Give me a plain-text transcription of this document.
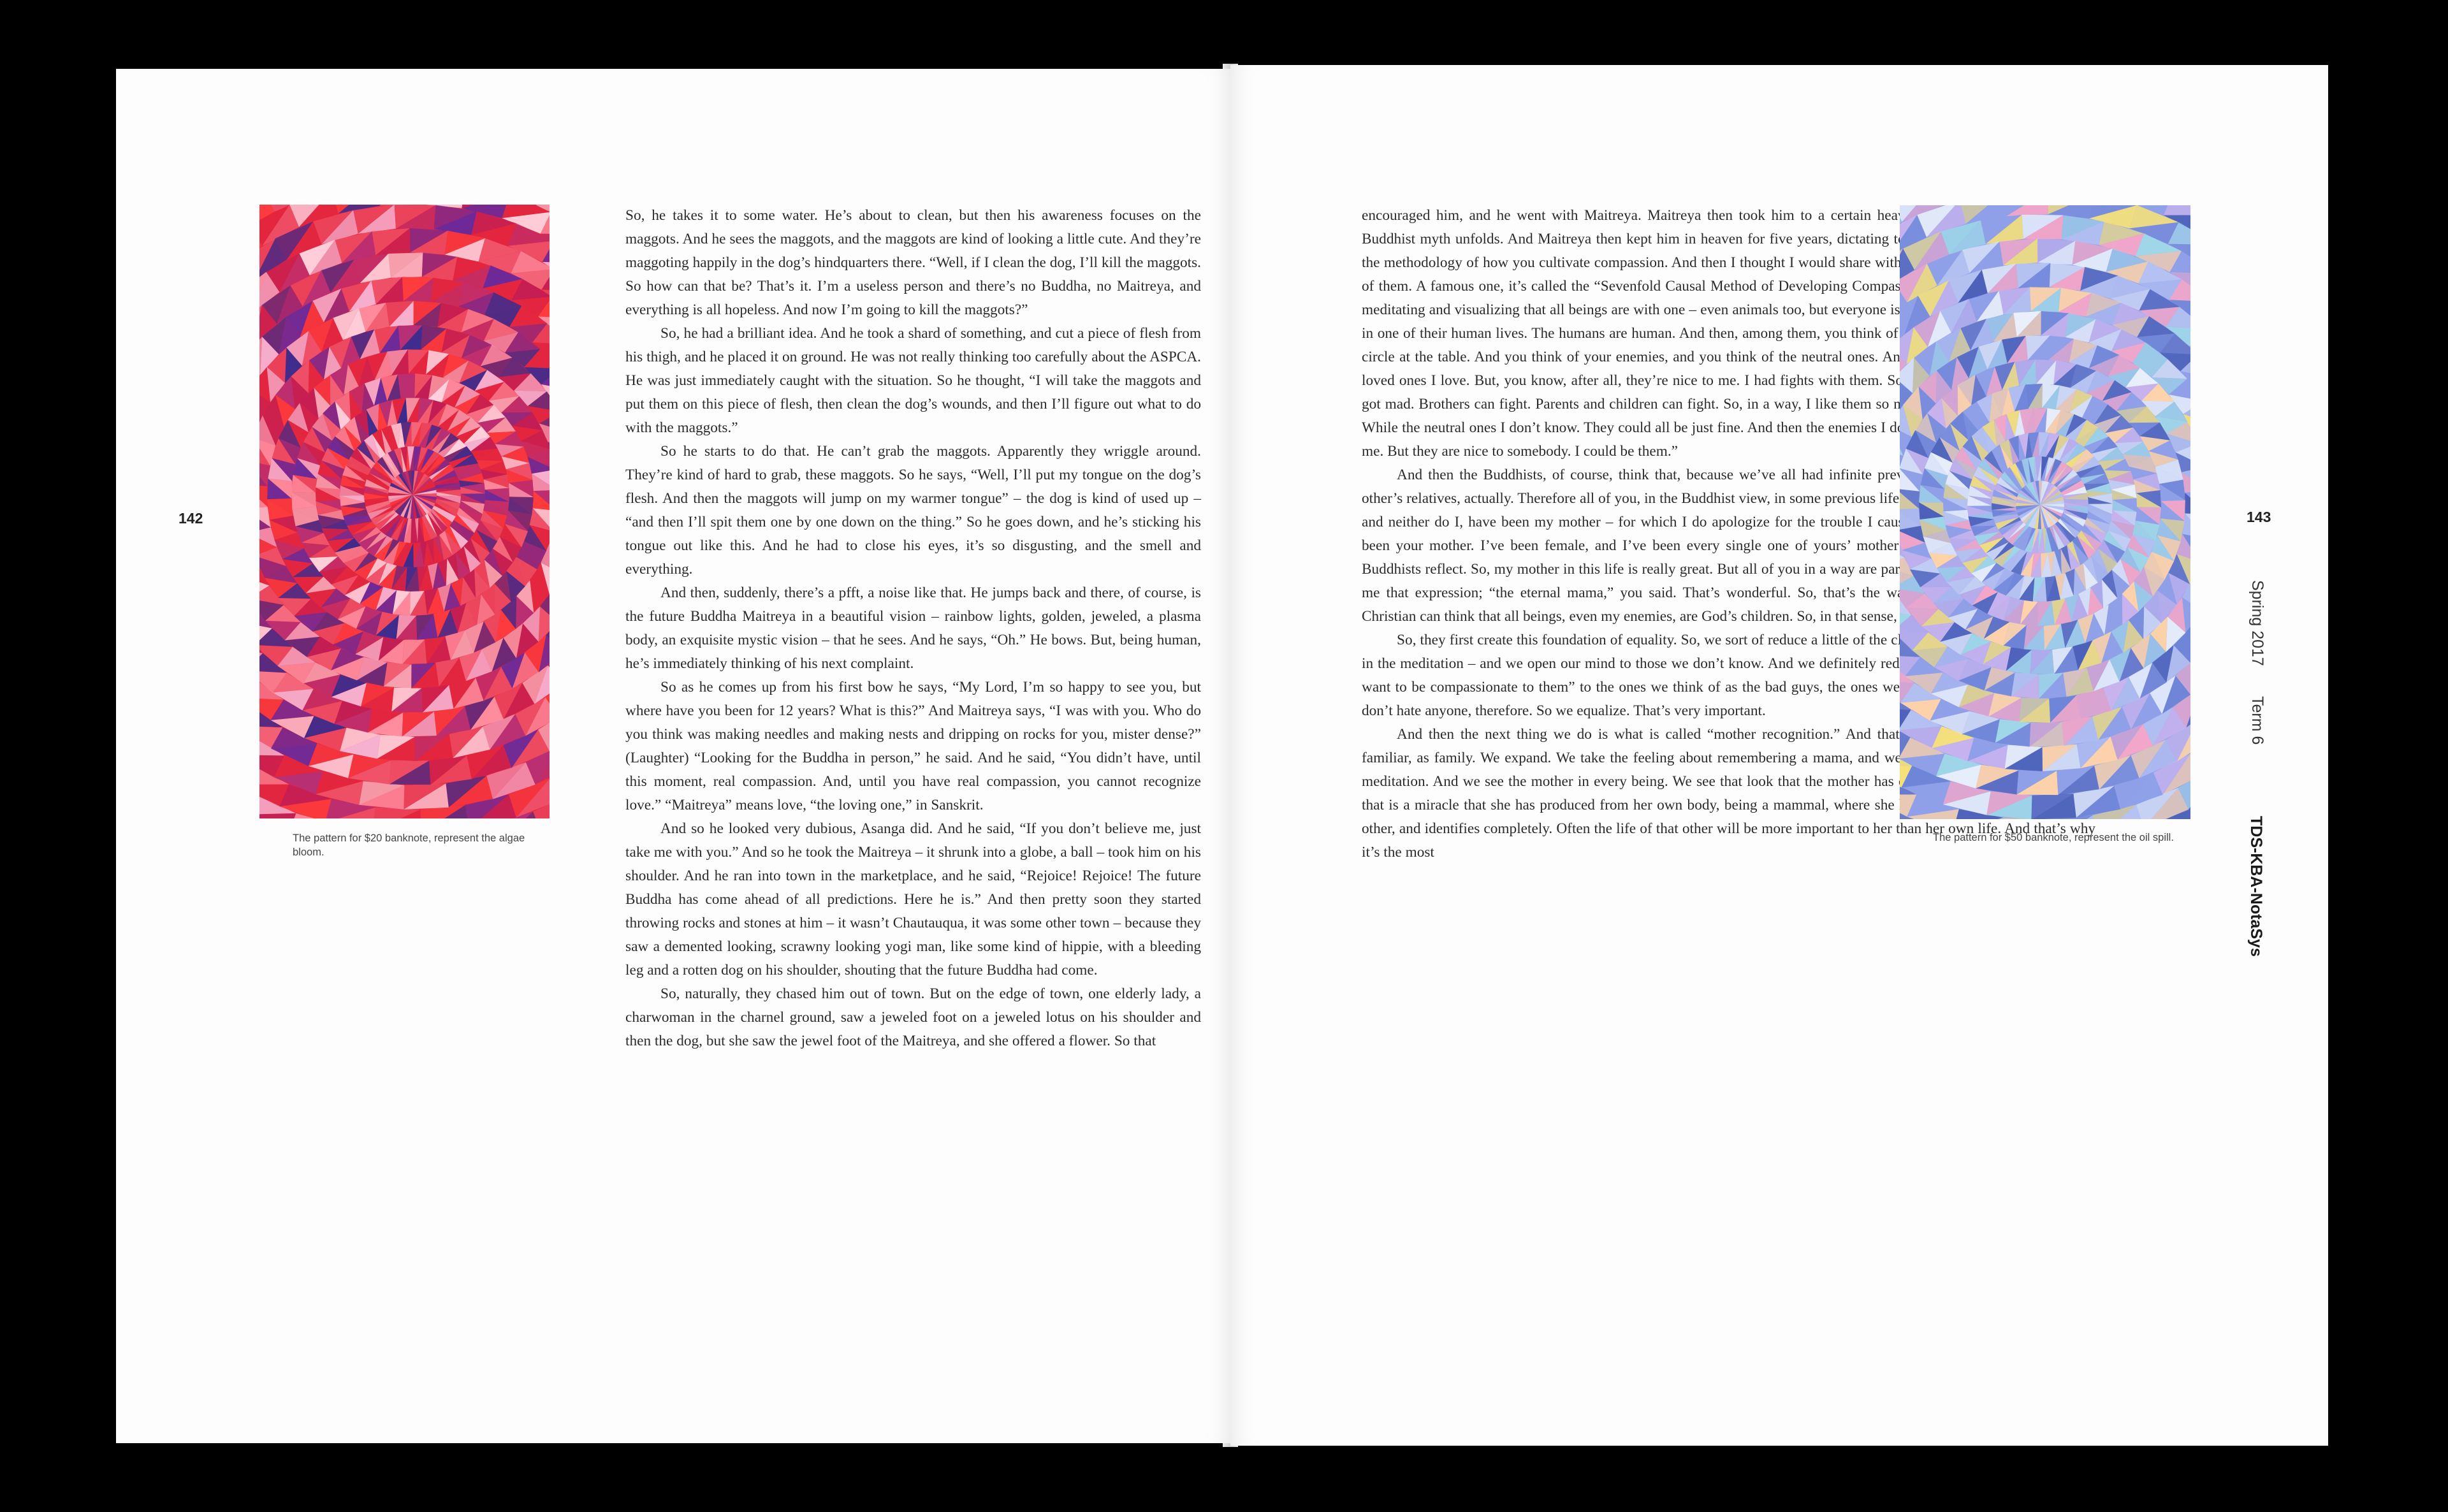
142
The pattern for $20 banknote, represent the algae bloom.

So, he takes it to some water. He’s about to clean, but then his awareness focuses on the maggots. And he sees the maggots, and the maggots are kind of looking a little cute. And they’re maggoting happily in the dog’s hindquarters there. “Well, if I clean the dog, I’ll kill the maggots. So how can that be? That’s it. I’m a useless person and there’s no Buddha, no Maitreya, and everything is all hopeless. And now I’m going to kill the maggots?”

So, he had a brilliant idea. And he took a shard of something, and cut a piece of flesh from his thigh, and he placed it on ground. He was not really thinking too carefully about the ASPCA. He was just immediately caught with the situation. So he thought, “I will take the maggots and put them on this piece of flesh, then clean the dog’s wounds, and then I’ll figure out what to do with the maggots.”

So he starts to do that. He can’t grab the maggots. Apparently they wriggle around. They’re kind of hard to grab, these maggots. So he says, “Well, I’ll put my tongue on the dog’s flesh. And then the maggots will jump on my warmer tongue” – the dog is kind of used up – “and then I’ll spit them one by one down on the thing.” So he goes down, and he’s sticking his tongue out like this. And he had to close his eyes, it’s so disgusting, and the smell and everything.

And then, suddenly, there’s a pfft, a noise like that. He jumps back and there, of course, is the future Buddha Maitreya in a beautiful vision – rainbow lights, golden, jeweled, a plasma body, an exquisite mystic vision – that he sees. And he says, “Oh.” He bows. But, being human, he’s immediately thinking of his next complaint.

So as he comes up from his first bow he says, “My Lord, I’m so happy to see you, but where have you been for 12 years? What is this?” And Maitreya says, “I was with you. Who do you think was making needles and making nests and dripping on rocks for you, mister dense?” (Laughter) “Looking for the Buddha in person,” he said. And he said, “You didn’t have, until this moment, real compassion. And, until you have real compassion, you cannot recognize love.” “Maitreya” means love, “the loving one,” in Sanskrit.

And so he looked very dubious, Asanga did. And he said, “If you don’t believe me, just take me with you.” And so he took the Maitreya – it shrunk into a globe, a ball – took him on his shoulder. And he ran into town in the marketplace, and he said, “Rejoice! Rejoice! The future Buddha has come ahead of all predictions. Here he is.” And then pretty soon they started throwing rocks and stones at him – it wasn’t Chautauqua, it was some other town – because they saw a demented looking, scrawny looking yogi man, like some kind of hippie, with a bleeding leg and a rotten dog on his shoulder, shouting that the future Buddha had come.

So, naturally, they chased him out of town. But on the edge of town, one elderly lady, a charwoman in the charnel ground, saw a jeweled foot on a jeweled lotus on his shoulder and then the dog, but she saw the jewel foot of the Maitreya, and she offered a flower. So that

encouraged him, and he went with Maitreya. Maitreya then took him to a certain heaven, which is the typical way a Buddhist myth unfolds. And Maitreya then kept him in heaven for five years, dictating to him five complicated tomes of the methodology of how you cultivate compassion. And then I thought I would share with you what that method is, or one of them. A famous one, it’s called the “Sevenfold Causal Method of Developing Compassion.” And it begins first by one meditating and visualizing that all beings are with one – even animals too, but everyone is in human form. The animals are in one of their human lives. The humans are human. And then, among them, you think of your friends and loved ones, the circle at the table. And you think of your enemies, and you think of the neutral ones. And then you try to say, “Well, the loved ones I love. But, you know, after all, they’re nice to me. I had fights with them. Sometimes they were unfriendly. I got mad. Brothers can fight. Parents and children can fight. So, in a way, I like them so much because they’re nice to me. While the neutral ones I don’t know. They could all be just fine. And then the enemies I don’t like because they’re mean to me. But they are nice to somebody. I could be them.”

And then the Buddhists, of course, think that, because we’ve all had infinite previous lives, we’ve all been each other’s relatives, actually. Therefore all of you, in the Buddhist view, in some previous life, although you don’t remember it and neither do I, have been my mother – for which I do apologize for the trouble I caused you. And also, actually, I’ve been your mother. I’ve been female, and I’ve been every single one of yours’ mother in a previous life, the way the Buddhists reflect. So, my mother in this life is really great. But all of you in a way are part of the eternal mother. You gave me that expression; “the eternal mama,” you said. That’s wonderful. So, that’s the way the Buddhists do it. A theist Christian can think that all beings, even my enemies, are God’s children. So, in that sense, we’re related.

So, they first create this foundation of equality. So, we sort of reduce a little of the clinging to the ones we love – just in the meditation – and we open our mind to those we don’t know. And we definitely reduce the hostility and the “I don’t want to be compassionate to them” to the ones we think of as the bad guys, the ones we hate and we don’t like. And we don’t hate anyone, therefore. So we equalize. That’s very important.

And then the next thing we do is what is called “mother recognition.” And that is, we think of every being as familiar, as family. We expand. We take the feeling about remembering a mama, and we defuse that to all beings in this meditation. And we see the mother in every being. We see that look that the mother has on her face, looking at this child that is a miracle that she has produced from her own body, being a mammal, where she has true compassion, truly is the other, and identifies completely. Often the life of that other will be more important to her than her own life. And that’s why it’s the most

The pattern for $50 banknote, represent the oil spill.
143
Spring 2017
Term 6
TDS-KBA-NotaSys
